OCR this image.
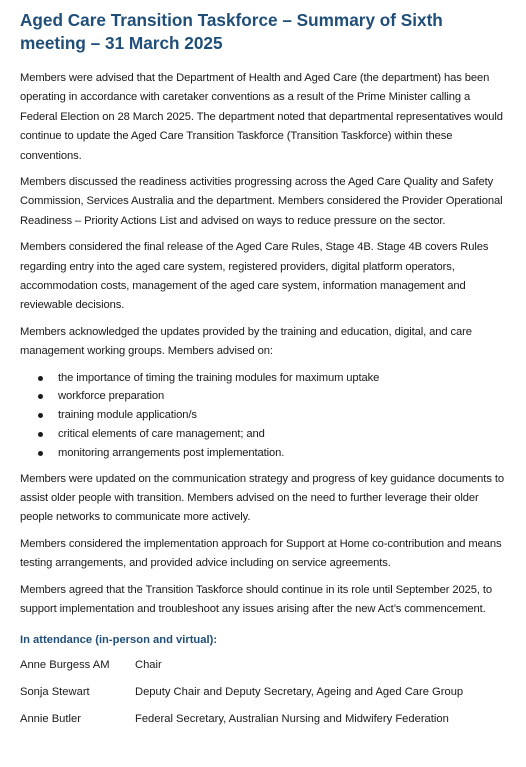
Aged Care Transition Taskforce – Summary of Sixth meeting – 31 March 2025

Members were advised that the Department of Health and Aged Care (the department) has been operating in accordance with caretaker conventions as a result of the Prime Minister calling a Federal Election on 28 March 2025. The department noted that departmental representatives would continue to update the Aged Care Transition Taskforce (Transition Taskforce) within these conventions.

Members discussed the readiness activities progressing across the Aged Care Quality and Safety Commission, Services Australia and the department. Members considered the Provider Operational Readiness – Priority Actions List and advised on ways to reduce pressure on the sector.

Members considered the final release of the Aged Care Rules, Stage 4B. Stage 4B covers Rules regarding entry into the aged care system, registered providers, digital platform operators, accommodation costs, management of the aged care system, information management and reviewable decisions.

Members acknowledged the updates provided by the training and education, digital, and care management working groups. Members advised on:

the importance of timing the training modules for maximum uptake
workforce preparation
training module application/s
critical elements of care management; and
monitoring arrangements post implementation.

Members were updated on the communication strategy and progress of key guidance documents to assist older people with transition. Members advised on the need to further leverage their older people networks to communicate more actively.

Members considered the implementation approach for Support at Home co-contribution and means testing arrangements, and provided advice including on service agreements.

Members agreed that the Transition Taskforce should continue in its role until September 2025, to support implementation and troubleshoot any issues arising after the new Act’s commencement.

In attendance (in-person and virtual):
Anne Burgess AM	Chair
Sonja Stewart	Deputy Chair and Deputy Secretary, Ageing and Aged Care Group
Annie Butler	Federal Secretary, Australian Nursing and Midwifery Federation
